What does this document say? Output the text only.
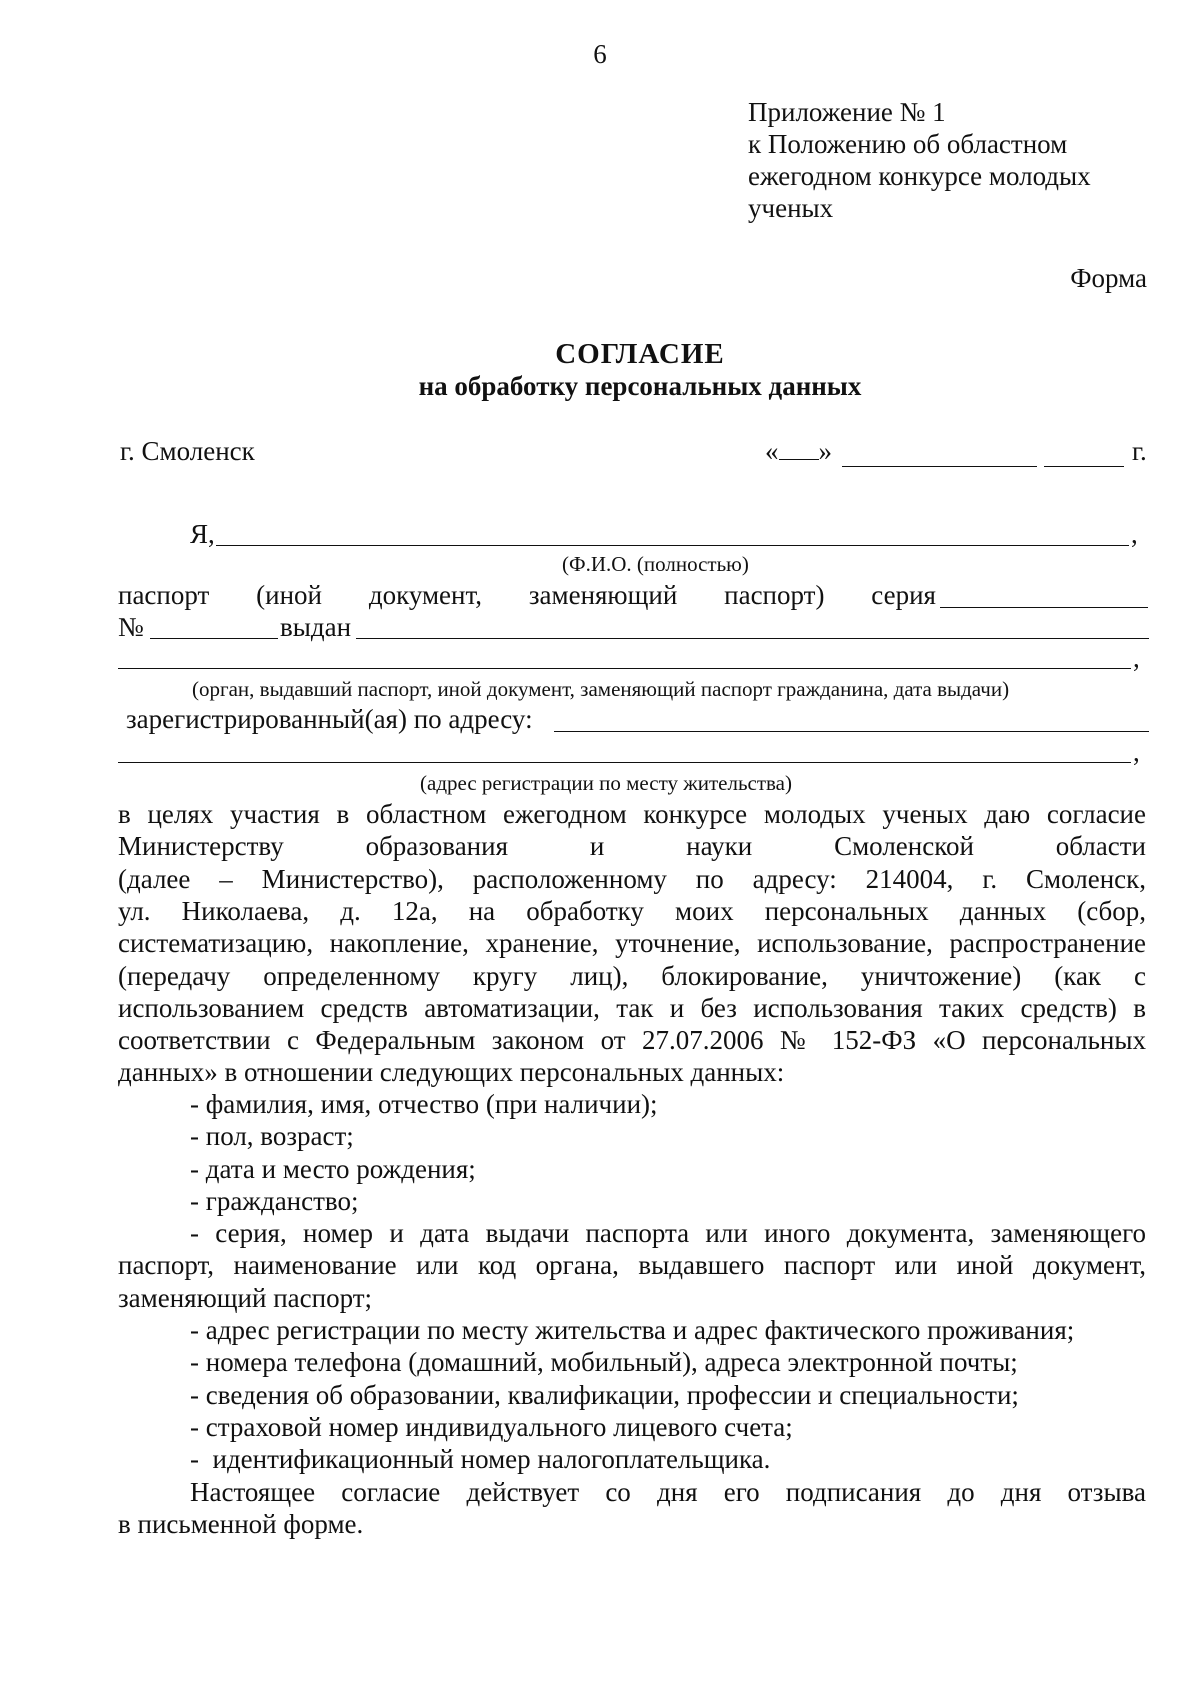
6
Приложение № 1
к Положению об областном
ежегодном конкурсе молодых
ученых
Форма
СОГЛАСИЕ
на обработку персональных данных
г. Смоленск	« »	г.
Я,	,
(Ф.И.О. (полностью)
паспорт (иной документ, заменяющий паспорт) серия
№	выдан
,
(орган, выдавший паспорт, иной документ, заменяющий паспорт гражданина, дата выдачи)
зарегистрированный(ая) по адресу:
,
(адрес регистрации по месту жительства)
в целях участия в областном ежегодном конкурсе молодых ученых даю согласие
Министерству образования и науки Смоленской области
(далее – Министерство), расположенному по адресу: 214004, г. Смоленск,
ул. Николаева, д. 12а, на обработку моих персональных данных (сбор,
систематизацию, накопление, хранение, уточнение, использование, распространение
(передачу определенному кругу лиц), блокирование, уничтожение) (как с
использованием средств автоматизации, так и без использования таких средств) в
соответствии с Федеральным законом от 27.07.2006 № 152-ФЗ «О персональных
данных» в отношении следующих персональных данных:
- фамилия, имя, отчество (при наличии);
- пол, возраст;
- дата и место рождения;
- гражданство;
- серия, номер и дата выдачи паспорта или иного документа, заменяющего
паспорт, наименование или код органа, выдавшего паспорт или иной документ,
заменяющий паспорт;
- адрес регистрации по месту жительства и адрес фактического проживания;
- номера телефона (домашний, мобильный), адреса электронной почты;
- сведения об образовании, квалификации, профессии и специальности;
- страховой номер индивидуального лицевого счета;
-  идентификационный номер налогоплательщика.
Настоящее согласие действует со дня его подписания до дня отзыва
в письменной форме.
